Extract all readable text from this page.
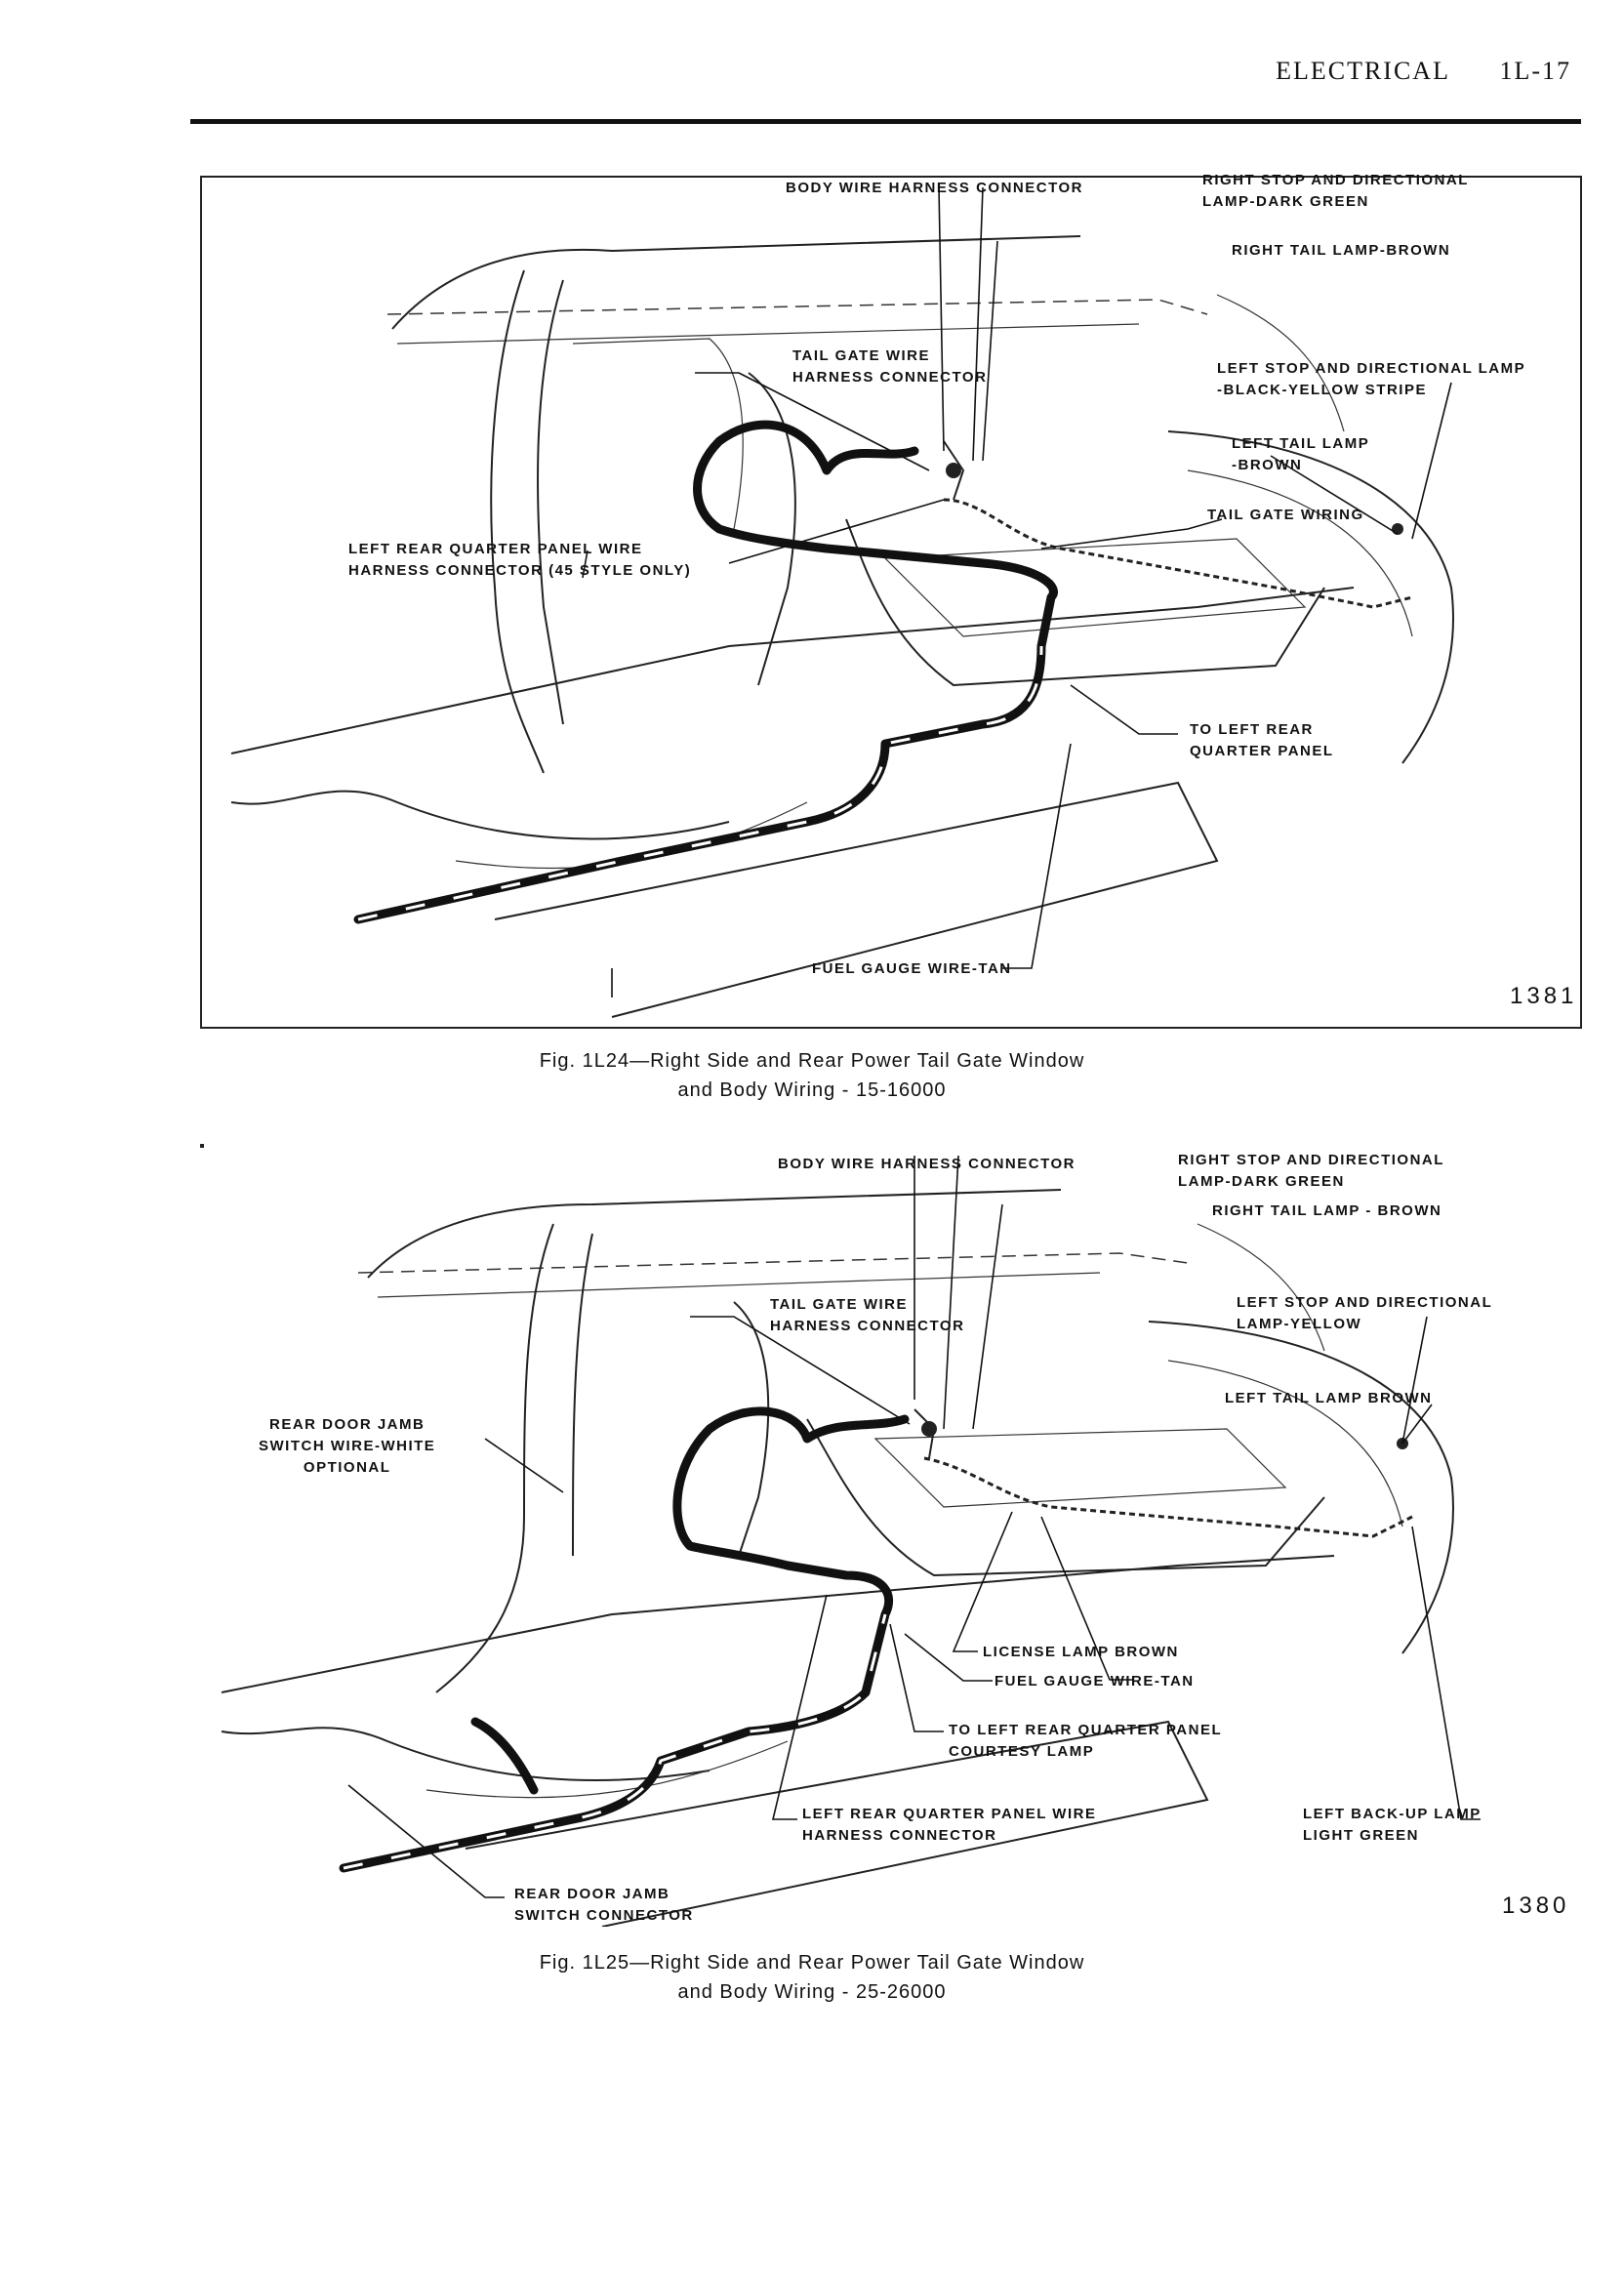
ELECTRICAL 1L-17
BODY WIRE HARNESS CONNECTOR	RIGHT STOP AND DIRECTIONAL
LAMP-DARK GREEN
RIGHT TAIL LAMP-BROWN
TAIL GATE WIRE
HARNESS CONNECTOR
LEFT STOP AND DIRECTIONAL LAMP
-BLACK-YELLOW STRIPE
LEFT TAIL LAMP
-BROWN
TAIL GATE WIRING
LEFT REAR QUARTER PANEL WIRE
HARNESS CONNECTOR (45 STYLE ONLY)
TO LEFT REAR
QUARTER PANEL
FUEL GAUGE WIRE-TAN
1381
Fig. 1L24—Right Side and Rear Power Tail Gate Window
and Body Wiring - 15-16000
BODY WIRE HARNESS CONNECTOR	RIGHT STOP AND DIRECTIONAL
LAMP-DARK GREEN
RIGHT TAIL LAMP - BROWN
TAIL GATE WIRE
HARNESS CONNECTOR
LEFT STOP AND DIRECTIONAL
LAMP-YELLOW
LEFT TAIL LAMP BROWN
REAR DOOR JAMB
SWITCH WIRE-WHITE
OPTIONAL
LICENSE LAMP BROWN
FUEL GAUGE WIRE-TAN
TO LEFT REAR QUARTER PANEL
COURTESY LAMP
LEFT REAR QUARTER PANEL WIRE
HARNESS CONNECTOR
LEFT BACK-UP LAMP
LIGHT GREEN
REAR DOOR JAMB
SWITCH CONNECTOR	1380
Fig. 1L25—Right Side and Rear Power Tail Gate Window
and Body Wiring - 25-26000
